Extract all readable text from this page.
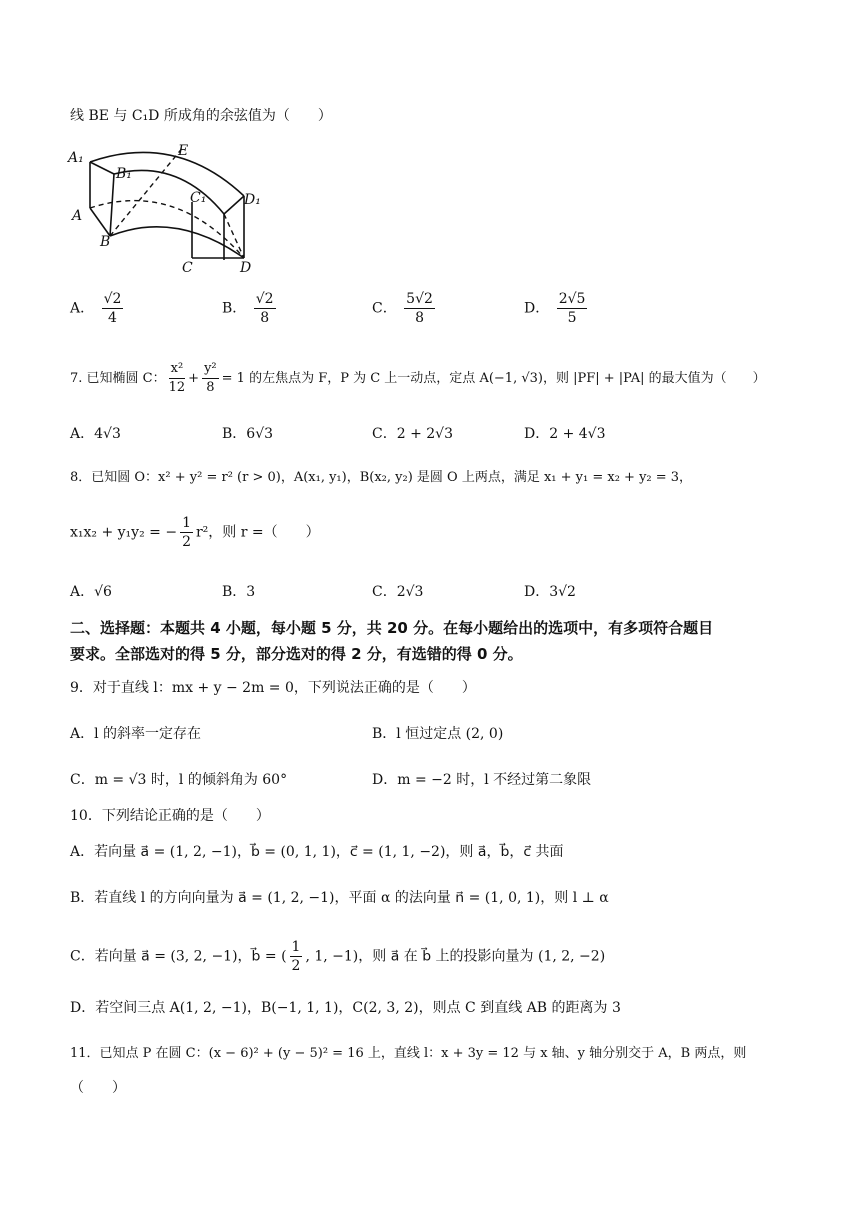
线 BE 与 C₁D 所成角的余弦值为（　　）
A₁
B₁
E
C₁	D₁
A
B
C	D
A． $\frac{√2}{4}$	B． $\frac{√2}{8}$	C． $\frac{5√2}{8}$	D． $\frac{2√5}{5}$
7. 已知椭圆 C： $\frac{\text{x²}}{12} + \frac{\text{y²}}{8} = 1$ 的左焦点为 F，P 为 C 上一动点，定点 A(−1, √3)，则 |PF| + |PA| 的最大值为（　　）
A．4√3	B．6√3	C．2 + 2√3	D．2 + 4√3
8．已知圆 O：x² + y² = r² (r > 0)，A(x₁, y₁)，B(x₂, y₂) 是圆 O 上两点，满足 x₁ + y₁ = x₂ + y₂ = 3，
x₁x₂ + y₁y₂ = − $\frac{1}{2} r^2$，则 r =（　　）
A．√6	B．3	C．2√3	D．3√2
二、选择题：本题共 4 小题，每小题 5 分，共 20 分。在每小题给出的选项中，有多项符合题目
要求。全部选对的得 5 分，部分选对的得 2 分，有选错的得 0 分。
9．对于直线 l：mx + y − 2m = 0，下列说法正确的是（　　）
A．l 的斜率一定存在	B．l 恒过定点 (2, 0)
C．m = √3 时，l 的倾斜角为 60°	D．m = −2 时，l 不经过第二象限
10．下列结论正确的是（　　）
A．若向量 a⃗ = (1, 2, −1)，b⃗ = (0, 1, 1)，c⃗ = (1, 1, −2)，则 a⃗，b⃗，c⃗ 共面
B．若直线 l 的方向向量为 a⃗ = (1, 2, −1)，平面 α 的法向量 n⃗ = (1, 0, 1)，则 l ⊥ α
C．若向量 a⃗ = (3, 2, −1)，b⃗ = ( $\frac{1}{2}$ , 1, −1)，则 a⃗ 在 b⃗ 上的投影向量为 (1, 2, −2)
D．若空间三点 A(1, 2, −1)，B(−1, 1, 1)，C(2, 3, 2)，则点 C 到直线 AB 的距离为 3
11．已知点 P 在圆 C：(x − 6)² + (y − 5)² = 16 上，直线 l：x + 3y = 12 与 x 轴、y 轴分别交于 A，B 两点，则
（　　）
